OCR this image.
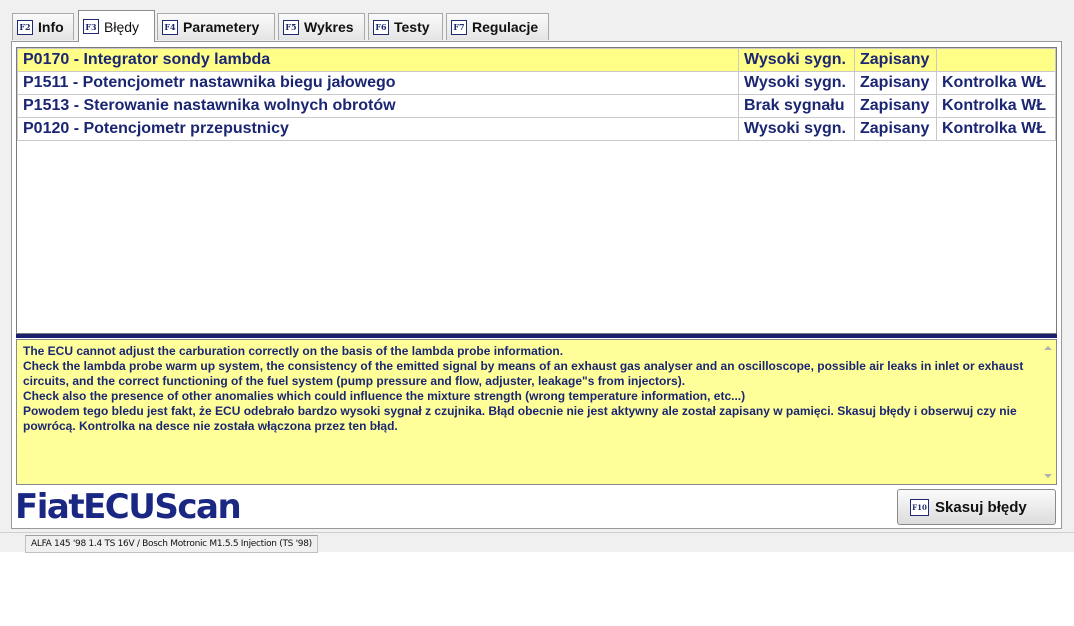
F2 Info	F3 Błędy	F4 Parametery	F5 Wykres	F6 Testy	F7 Regulacje
P0170 - Integrator sondy lambda	Wysoki sygn.	Zapisany	
P1511 - Potencjometr nastawnika biegu jałowego	Wysoki sygn.	Zapisany	Kontrolka WŁ
P1513 - Sterowanie nastawnika wolnych obrotów	Brak sygnału	Zapisany	Kontrolka WŁ
P0120 - Potencjometr przepustnicy	Wysoki sygn.	Zapisany	Kontrolka WŁ
The ECU cannot adjust the carburation correctly on the basis of the lambda probe information.
Check the lambda probe warm up system, the consistency of the emitted signal by means of an exhaust gas analyser and an oscilloscope, possible air leaks in inlet or exhaust circuits, and the correct functioning of the fuel system (pump pressure and flow, adjuster, leakage"s from injectors).
Check also the presence of other anomalies which could influence the mixture strength (wrong temperature information, etc...)
Powodem tego bledu jest fakt, że ECU odebrało bardzo wysoki sygnał z czujnika. Błąd obecnie nie jest aktywny ale został zapisany w pamięci. Skasuj błędy i obserwuj czy nie powrócą. Kontrolka na desce nie została włączona przez ten błąd.
FiatECUScan	F10 Skasuj błędy
ALFA 145 '98 1.4 TS 16V / Bosch Motronic M1.5.5 Injection (TS '98)
